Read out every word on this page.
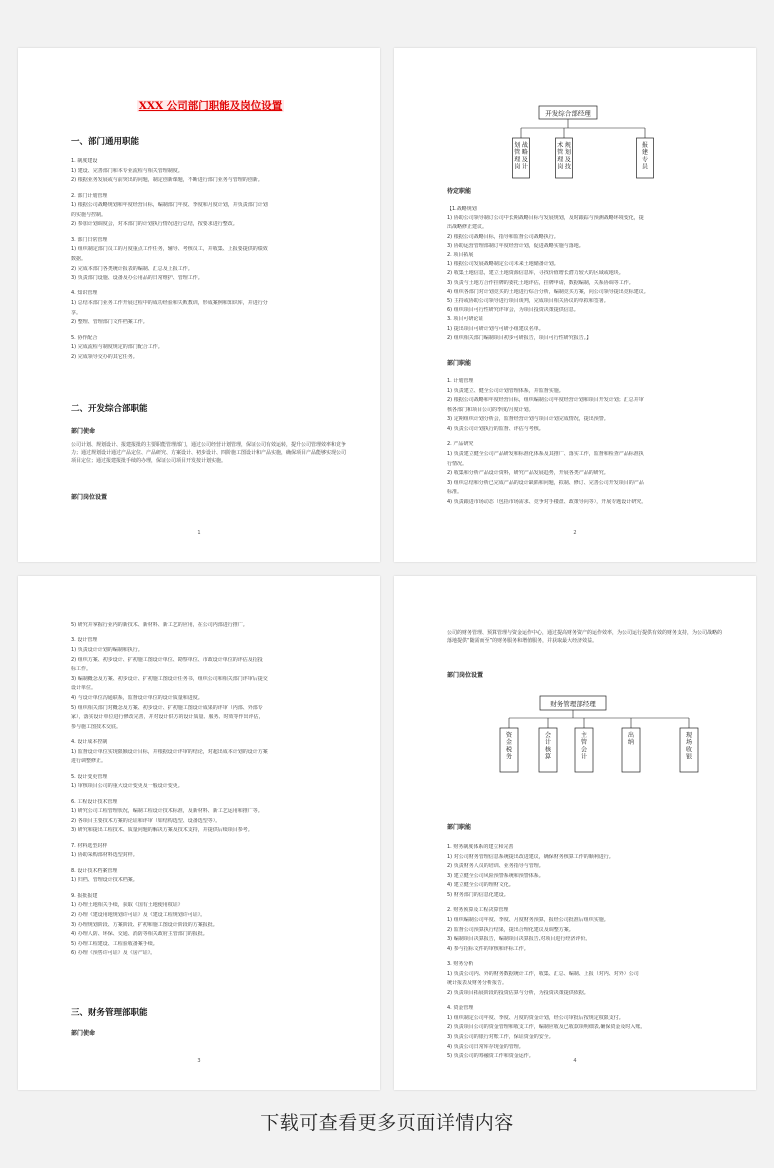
XXX 公司部门职能及岗位设置
一、部门通用职能
1. 制度建设
1) 建设、完善部门和本专业流程与相关管理制度。
2) 根据业务发展或与前突出的问题，制定创新课题，不断进行部门业务与管理的创新。
2. 部门计划管理
1) 根据公司战略规划和年度经营目标，编制部门年度、季度和月度计划，并负责部门计划
的实施与控制。
2) 参加计划调度会，对本部门的计划执行情况进行总结，按要求进行整改。
3. 部门日常管理
1) 组织制定部门员工的月度重点工作任务，辅导、考核员工，并收集、上报要提供的绩效
数据。
2) 完成本部门各类统计报表的编制、汇总及上报工作。
3) 负责部门设施、设备及办公用品的日常维护、管理工作。
4. 知识管理
1) 总结本部门业务工作开展过程中的成功经验和失败教训，形成案例和知识库，并进行分
享。
2) 整理、管理部门文件档案工作。
5. 协作配合
1) 完成流程与制度规定的部门配合工作。
2) 完成领导交办的其它任务。
二、开发综合部职能
部门使命
公司计划、规划设计、报建报批的主要职能管理部门，通过公司经营计划管理，保证公司有效运转，提升公司管理效率和竞争力；通过规划设计通过产品定位、产品研究、方案设计、初步设计、四阶施工图设计和产品实施，确保项目产品能够实现公司项目定位；通过报建报批手续的办理，保证公司项目开发按计划实施。
部门岗位设置
1
开发综合部经理
战略及计划管理岗
规划及技术管理岗
报建专员
待定职能
【1.战略规划
1) 协助公司领导制订公司中长期战略目标与发展规划，及时跟踪与预测战略环境变化，提
出战略修正建议。
2) 根据公司战略目标，指导和监督公司战略执行。
3) 协助运营管理部制订年度经营计划，促进战略实施与落地。
2. 项目拓展
1) 根据公司发展战略制定公司未来土地储备计划。
2) 收集土地信息，建立土地资源信息库，寻找价值增长潜力较大的区域或地块。
3) 负责与土地方合作挂牌的委托土地评估，挂牌申请，数据编制，关系协调等工作。
4) 组织各部门对计划竞买的土地进行综合分析，编制竞买方案，向公司领导提出竞标建议。
5) 主持或协助公司领导进行项目谈判，完成项目相关协议的草拟和签署。
6) 组织项目可行性研究评审会，为项目投资决策提供信息。
3. 项目可研论证
1) 提出项目可研计划与可研小组建议名单。
2) 组织相关部门编制项目初步可研报告，项目可行性研究报告。】
部门职能
1. 计划管理
1) 负责建立、健全公司计划管理体系，并监督实施。
2) 根据公司战略和年度经营目标，组织编制公司年度经营计划和项目开发计划；汇总并审
核各部门和项目公司的季度/月度计划。
3) 定期组织计划分析会，监督经营计划与项目计划完成情况，提出预警。
4) 负责公司计划执行的监督、评估与考核。
2. 产品研究
1) 负责建立健全公司产品研发和标准化体系及其推广、落实工作，监督和检查产品标准执
行情况。
2) 收集和分析产品设计资料，研究产品发展趋势，开展各类产品的研究。
3) 组织总结和分析已完成产品的设计缺陷和问题，拟制、修订、完善公司开发项目的产品
标准。
4) 负责跟进市场动态（包括市场需求、竞争对手楼盘、政策导向等），开展专题设计研究。
2
5) 研究并掌握行业内的新技术、新材料、新工艺的应用，在公司内部进行推广。
3. 设计管理
1) 负责设计计划的编制和执行。
2) 组织方案、初步设计、扩初施工图设计单位、勘察单位、市政设计单位的评估及招投
标工作。
3) 编制概念及方案、初步设计、扩初施工图设计任务书，组织公司和相关部门评审后提交
设计单位。
4) 与设计单位沟通联系，监督设计单位的设计质量和进度。
5) 组织相关部门对概念及方案、初步设计、扩初施工图设计成果的评审（内部、外部专
家），落实设计单位进行修改完善，并对设计供方的设计质量、服务、时效等作出评估，
参与施工图技术交底。
4. 设计成本控制
1) 监督设计单位实现限额设计目标，并根据设计评审的结论，对超出成本计划的设计方案
进行调整修正。
5. 设计变更管理
1) 审核项目公司的重大设计变更及一般设计变更。
6. 工程设计技术管理
1) 研究公司工程管理状况，编制工程设计技术标准，及新材料、新工艺运用和推广等。
2) 各项目主要技术方案的论证和评审（如结构选型、设备选型等）。
3) 研究和提出工程技术、质量问题的解决方案及技术支持，并提供后续项目参考。
7. 材料选型封样
1) 协助采购部材料选型封样。
8. 设计技术档案管理
1) 归档、管理设计技术档案。
9. 报批报建
1) 办理土地相关手续，获取《国有土地使用权证》
2) 办理《建设用地规划许可证》及《建设工程规划许可证》。
3) 办理规划阶段、方案阶段、扩初和施工图设计阶段的方案报批。
4) 办理人防、环保、交通、消防等相关政府主管部门的报批。
5) 办理工程建设、工程验收备案手续。
6) 办理《预售许可证》及《房产证》。
三、财务管理部职能
部门使命
3
公司的财务管理、预算管理与资金运作中心，通过提高财务资产的运作效率，为公司运行提供有效的财务支持，为公司战略的落地提供“随需而至”的财务服务和增值服务，并获取最大经济效益。
部门岗位设置
财务管理部经理
资金税务
会计核算
主管会计
出纳
现场收银
部门职能
1. 财务制度体系的建立和完善
1) 对公司财务管理信息系统提出改进建议，确保财务核算工作的顺利进行。
2) 负责财务人员的培训、业务指导与管理。
3) 建立健全公司风险预警系统和预警体系。
4) 建立健全公司的理财文化。
5) 财务部门的信息化建设。
2. 财务预算及工程决算管理
1) 组织编制公司年度、季度、月度财务预算，报经公司批准后组织实施。
2) 监督公司预算执行结果，提出合理化建议及调整方案。
3) 编制项目决算报告，编制项目决算报告,对项目进行经济评价。
4) 参与招标文件的审核和评标工作。
3. 财务分析
1) 负责公司内、外的财务数据统计工作，收集、汇总、编制、上报（对内、对外）公司
统计报表及财务分析报告。
2) 负责项目拓展阶段的投资估算与分析，为投资决策提供依据。
4. 资金管理
1) 组织制定公司年度、季度、月度的资金计划，经公司审批后按规定权限支付。
2) 负责项目公司的资金管理和收支工作，编制应收及已收款项明细表,确保资金及时入账。
3) 负责公司的银行对账工作，保证资金的安全。
4) 负责公司日常库存现金的管理。
5) 负责公司的筹融资工作和资金运作。
4
下载可查看更多页面详情内容
